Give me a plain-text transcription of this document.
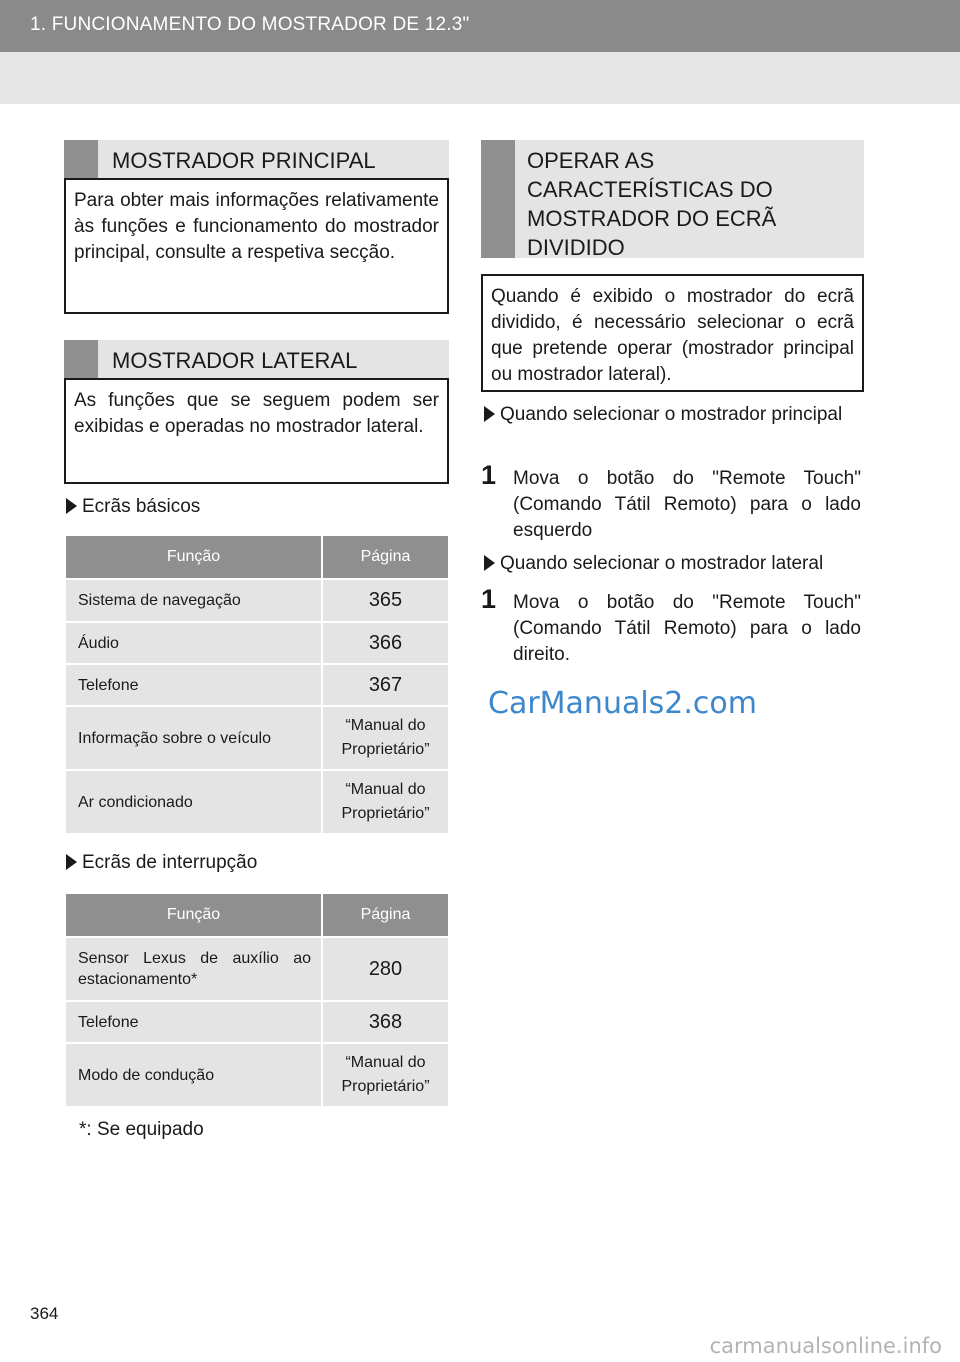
1. FUNCIONAMENTO DO MOSTRADOR DE 12.3"
MOSTRADOR PRINCIPAL
Para obter mais informações relativamente às funções e funcionamento do mostrador principal, consulte a respetiva secção.
MOSTRADOR LATERAL
As funções que se seguem podem ser exibidas e operadas no mostrador lateral.
Ecrãs básicos
Função	Página
Sistema de navegação	365
Áudio	366
Telefone	367
Informação sobre o veículo	“Manual do Proprietário”
Ar condicionado	“Manual do Proprietário”
Ecrãs de interrupção
Função	Página
Sensor Lexus de auxílio ao estacionamento*	280
Telefone	368
Modo de condução	“Manual do Proprietário”
*: Se equipado
OPERAR AS CARACTERÍSTICAS DO MOSTRADOR DO ECRÃ DIVIDIDO
Quando é exibido o mostrador do ecrã dividido, é necessário selecionar o ecrã que pretende operar (mostrador principal ou mostrador lateral).
Quando selecionar o mostrador principal
1 Mova o botão do "Remote Touch" (Comando Tátil Remoto) para o lado esquerdo
Quando selecionar o mostrador lateral
1 Mova o botão do "Remote Touch" (Comando Tátil Remoto) para o lado direito.
CarManuals2.com
364
carmanualsonline.info
